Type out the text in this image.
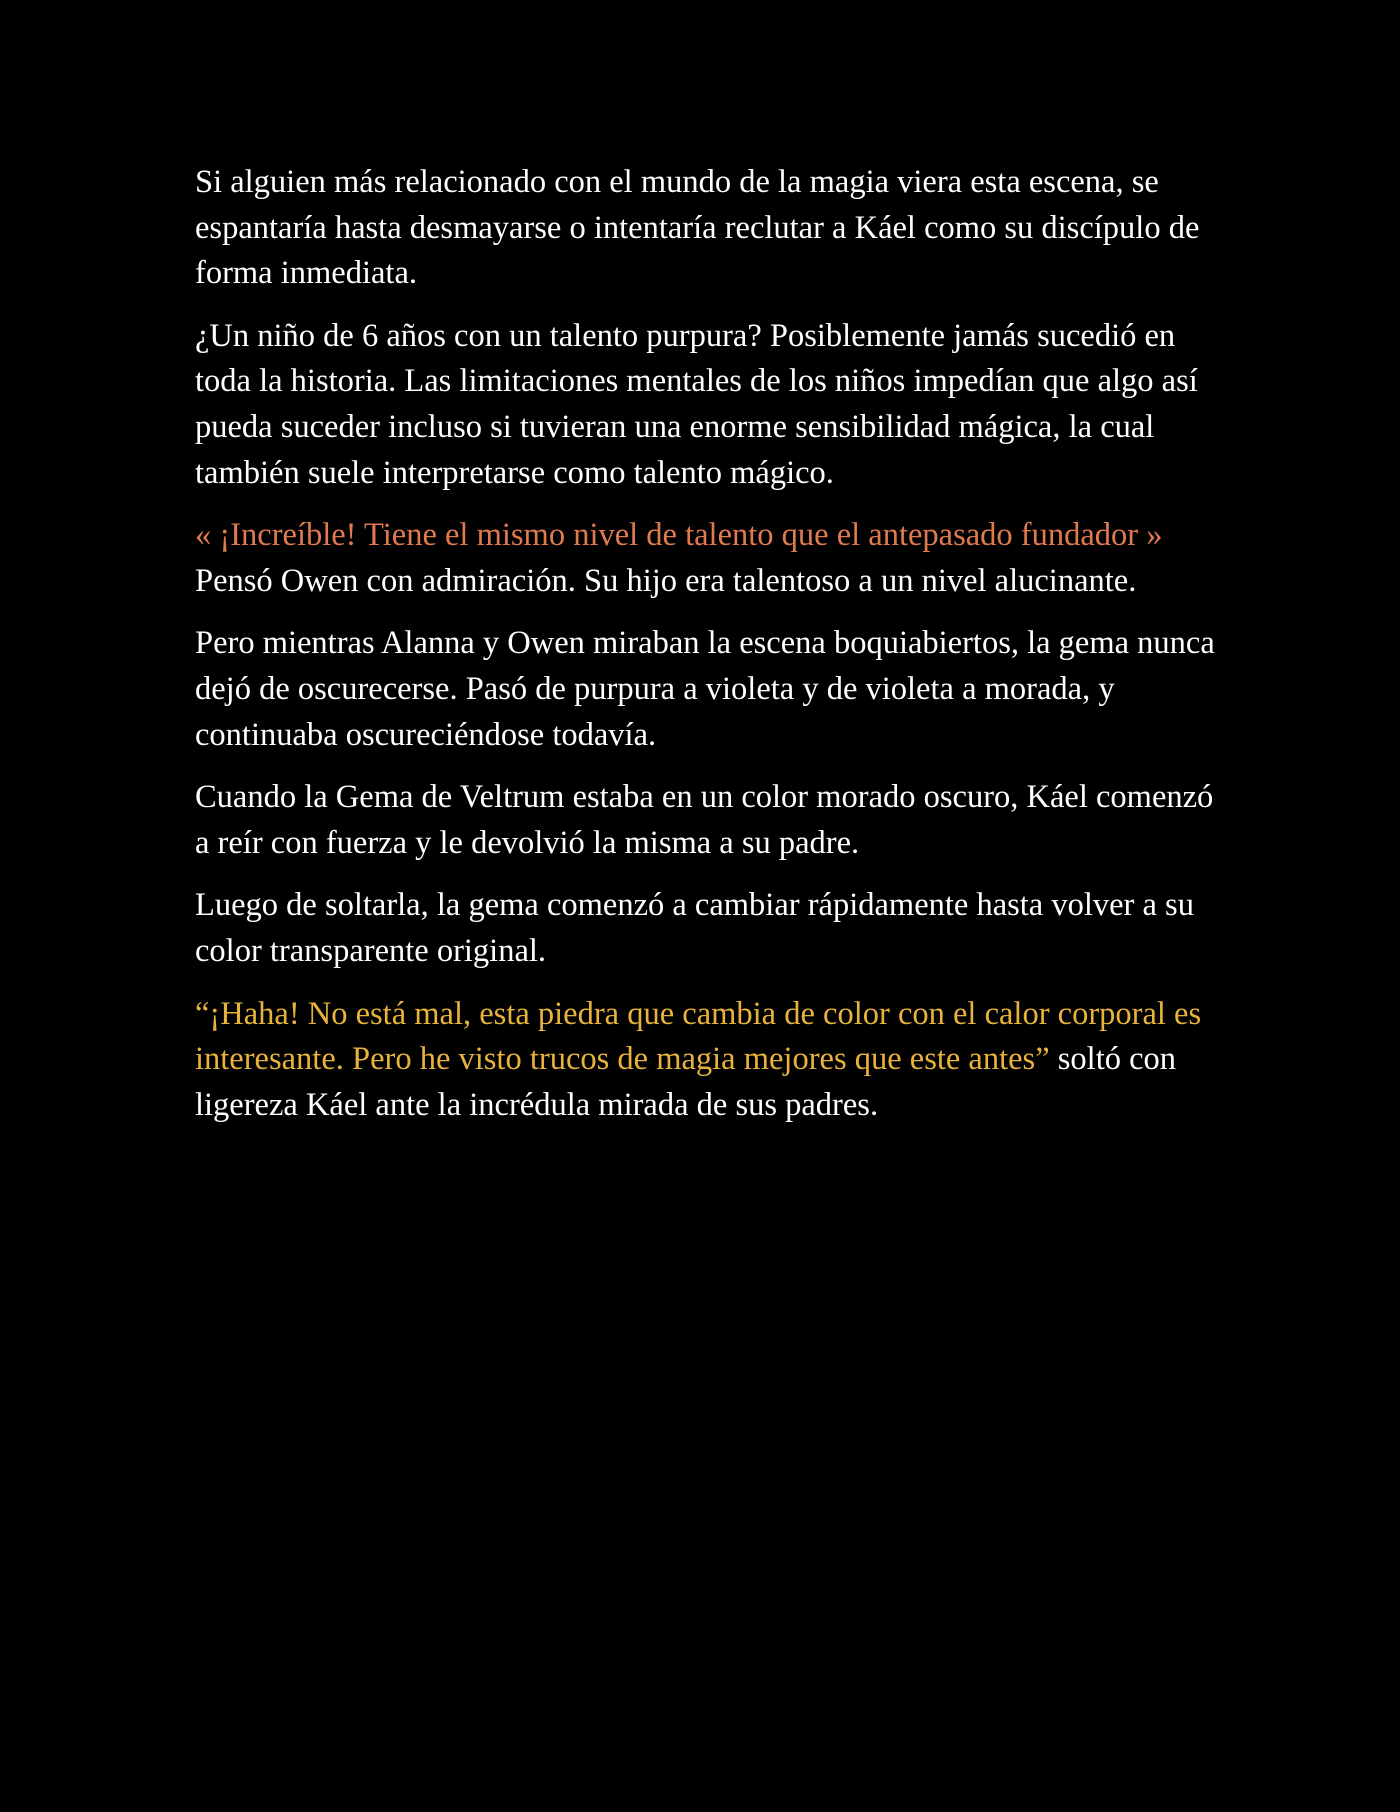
Si alguien más relacionado con el mundo de la magia viera esta escena, se espantaría hasta desmayarse o intentaría reclutar a Káel como su discípulo de forma inmediata.

¿Un niño de 6 años con un talento purpura? Posiblemente jamás sucedió en toda la historia. Las limitaciones mentales de los niños impedían que algo así pueda suceder incluso si tuvieran una enorme sensibilidad mágica, la cual también suele interpretarse como talento mágico.

« ¡Increíble! Tiene el mismo nivel de talento que el antepasado fundador » Pensó Owen con admiración. Su hijo era talentoso a un nivel alucinante.

Pero mientras Alanna y Owen miraban la escena boquiabiertos, la gema nunca dejó de oscurecerse. Pasó de purpura a violeta y de violeta a morada, y continuaba oscureciéndose todavía.

Cuando la Gema de Veltrum estaba en un color morado oscuro, Káel comenzó a reír con fuerza y le devolvió la misma a su padre.

Luego de soltarla, la gema comenzó a cambiar rápidamente hasta volver a su color transparente original.

“¡Haha! No está mal, esta piedra que cambia de color con el calor corporal es interesante. Pero he visto trucos de magia mejores que este antes” soltó con ligereza Káel ante la incrédula mirada de sus padres.
